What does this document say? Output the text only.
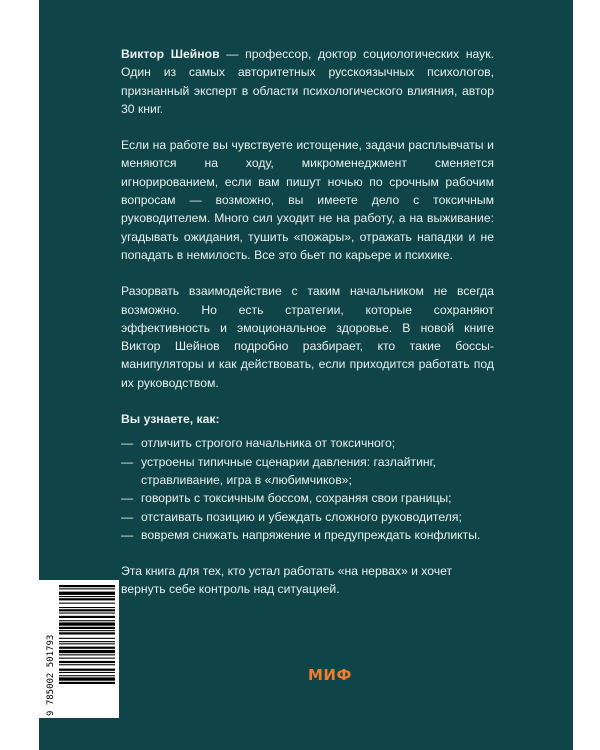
Виктор Шейнов — профессор, доктор социологических наук. Один из самых авторитетных русскоязычных психологов, признанный эксперт в области психологического влияния, автор 30 книг.

Если на работе вы чувствуете истощение, задачи расплывчаты и меняются на ходу, микроменеджмент сменяется игнорированием, если вам пишут ночью по срочным рабочим вопросам — возможно, вы имеете дело с токсичным руководителем. Много сил уходит не на работу, а на выживание: угадывать ожидания, тушить «пожары», отражать нападки и не попадать в немилость. Все это бьет по карьере и психике.

Разорвать взаимодействие с таким начальником не всегда возможно. Но есть стратегии, которые сохраняют эффективность и эмоциональное здоровье. В новой книге Виктор Шейнов подробно разбирает, кто такие боссы-манипуляторы и как действовать, если приходится работать под их руководством.

Вы узнаете, как:

— отличить строгого начальника от токсичного;
— устроены типичные сценарии давления: газлайтинг, стравливание, игра в «любимчиков»;
— говорить с токсичным боссом, сохраняя свои границы;
— отстаивать позицию и убеждать сложного руководителя;
— вовремя снижать напряжение и предупреждать конфликты.

Эта книга для тех, кто устал работать «на нервах» и хочет вернуть себе контроль над ситуацией.

9 785002 501793	МИФ
